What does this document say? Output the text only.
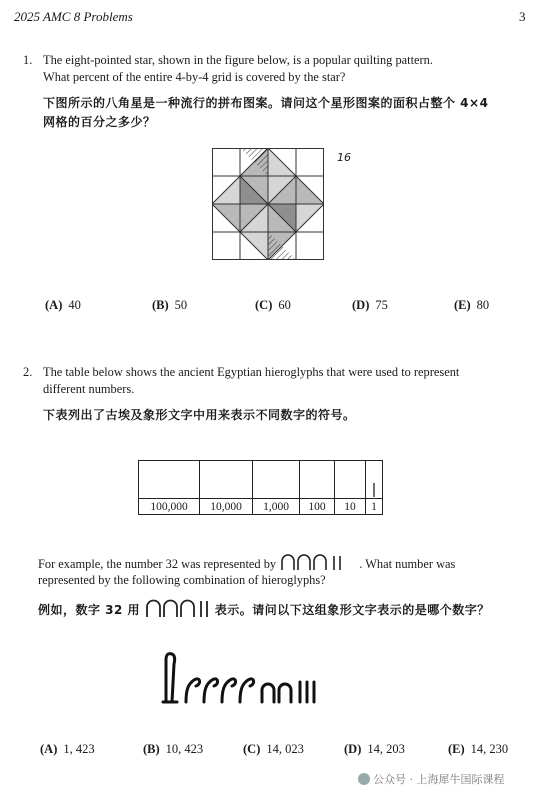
2025 AMC 8 Problems	3
1. The eight-pointed star, shown in the figure below, is a popular quilting pattern.
What percent of the entire 4-by-4 grid is covered by the star?
下图所示的八角星是一种流行的拼布图案。请问这个星形图案的面积占整个 4×4
网格的百分之多少？
16
(A) 40	(B) 50	(C) 60	(D) 75	(E) 80
2. The table below shows the ancient Egyptian hieroglyphs that were used to represent
different numbers.
下表列出了古埃及象形文字中用来表示不同数字的符号。

100,000	10,000	1,000	100	10	1
For example, the number 32 was represented by	. What number was
represented by the following combination of hieroglyphs?
例如，数字 32 用	表示。请问以下这组象形文字表示的是哪个数字？
(A) 1, 423	(B) 10, 423	(C) 14, 023	(D) 14, 203	(E) 14, 230
公众号 · 上海犀牛国际课程
